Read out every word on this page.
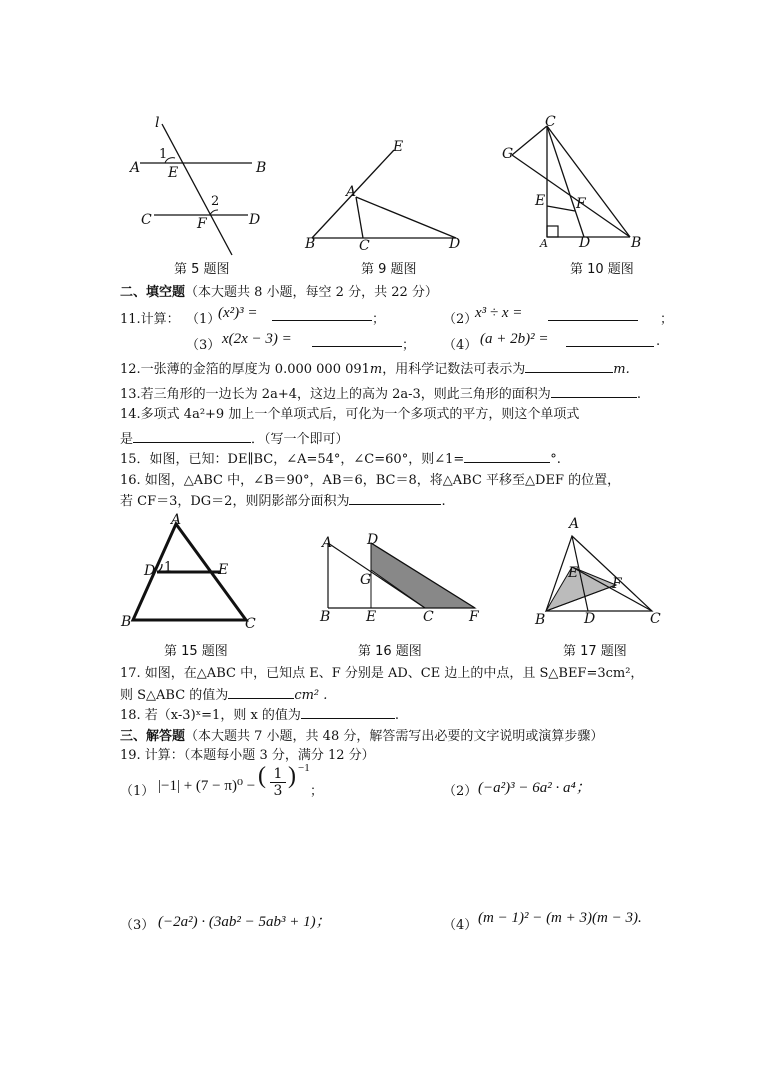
l
A
1
E	B
2
C	F	D
第 5 题图
E
A
B	C	D
第 9 题图
C
G
E F
A D	B
第 10 题图
二、填空题（本大题共 8 小题，每空 2 分，共 22 分）
11.计算： （1）
(x²)³ =	；	（2）
x³ ÷ x =	；
（3） x(2x − 3) =	； （4） (a + 2b)² =	.
12.一张薄的金箔的厚度为 0.000 000 091m，用科学记数法可表示为	m.
13.若三角形的一边长为 2a+4，这边上的高为 2a-3，则此三角形的面积为	.
14.多项式 4a²+9 加上一个单项式后，可化为一个多项式的平方，则这个单项式
是	．（写一个即可）
15．如图，已知：DE∥BC，∠A=54°，∠C=60°，则∠1=	°.
16. 如图，△ABC 中，∠B＝90°，AB＝6，BC＝8，将△ABC 平移至△DEF 的位置，
若 CF＝3，DG＝2，则阴影部分面积为	.
A
D 1	E
B	C
第 15 题图
A D
G
B	E	C	F
第 16 题图
A
E
F
D
B	C
第 17 题图
17. 如图，在△ABC 中，已知点 E、F 分别是 AD、CE 边上的中点，且 S△BEF=3cm²，
则 S△ABC 的值为	cm² .
18. 若（x-3)ˣ=1，则 x 的值为	.
三、解答题（本大题共 7 小题，共 48 分，解答需写出必要的文字说明或演算步骤）
19. 计算：（本题每小题 3 分，满分 12 分）
（1） |−1| + (7 − π)⁰ − ( $\frac{1}{3}$ ) −1
；	（2） (−a²)³ − 6a² · a⁴；
（3） (−2a²) · (3ab² − 5ab³ + 1)；	（4） (m − 1)² − (m + 3)(m − 3).
